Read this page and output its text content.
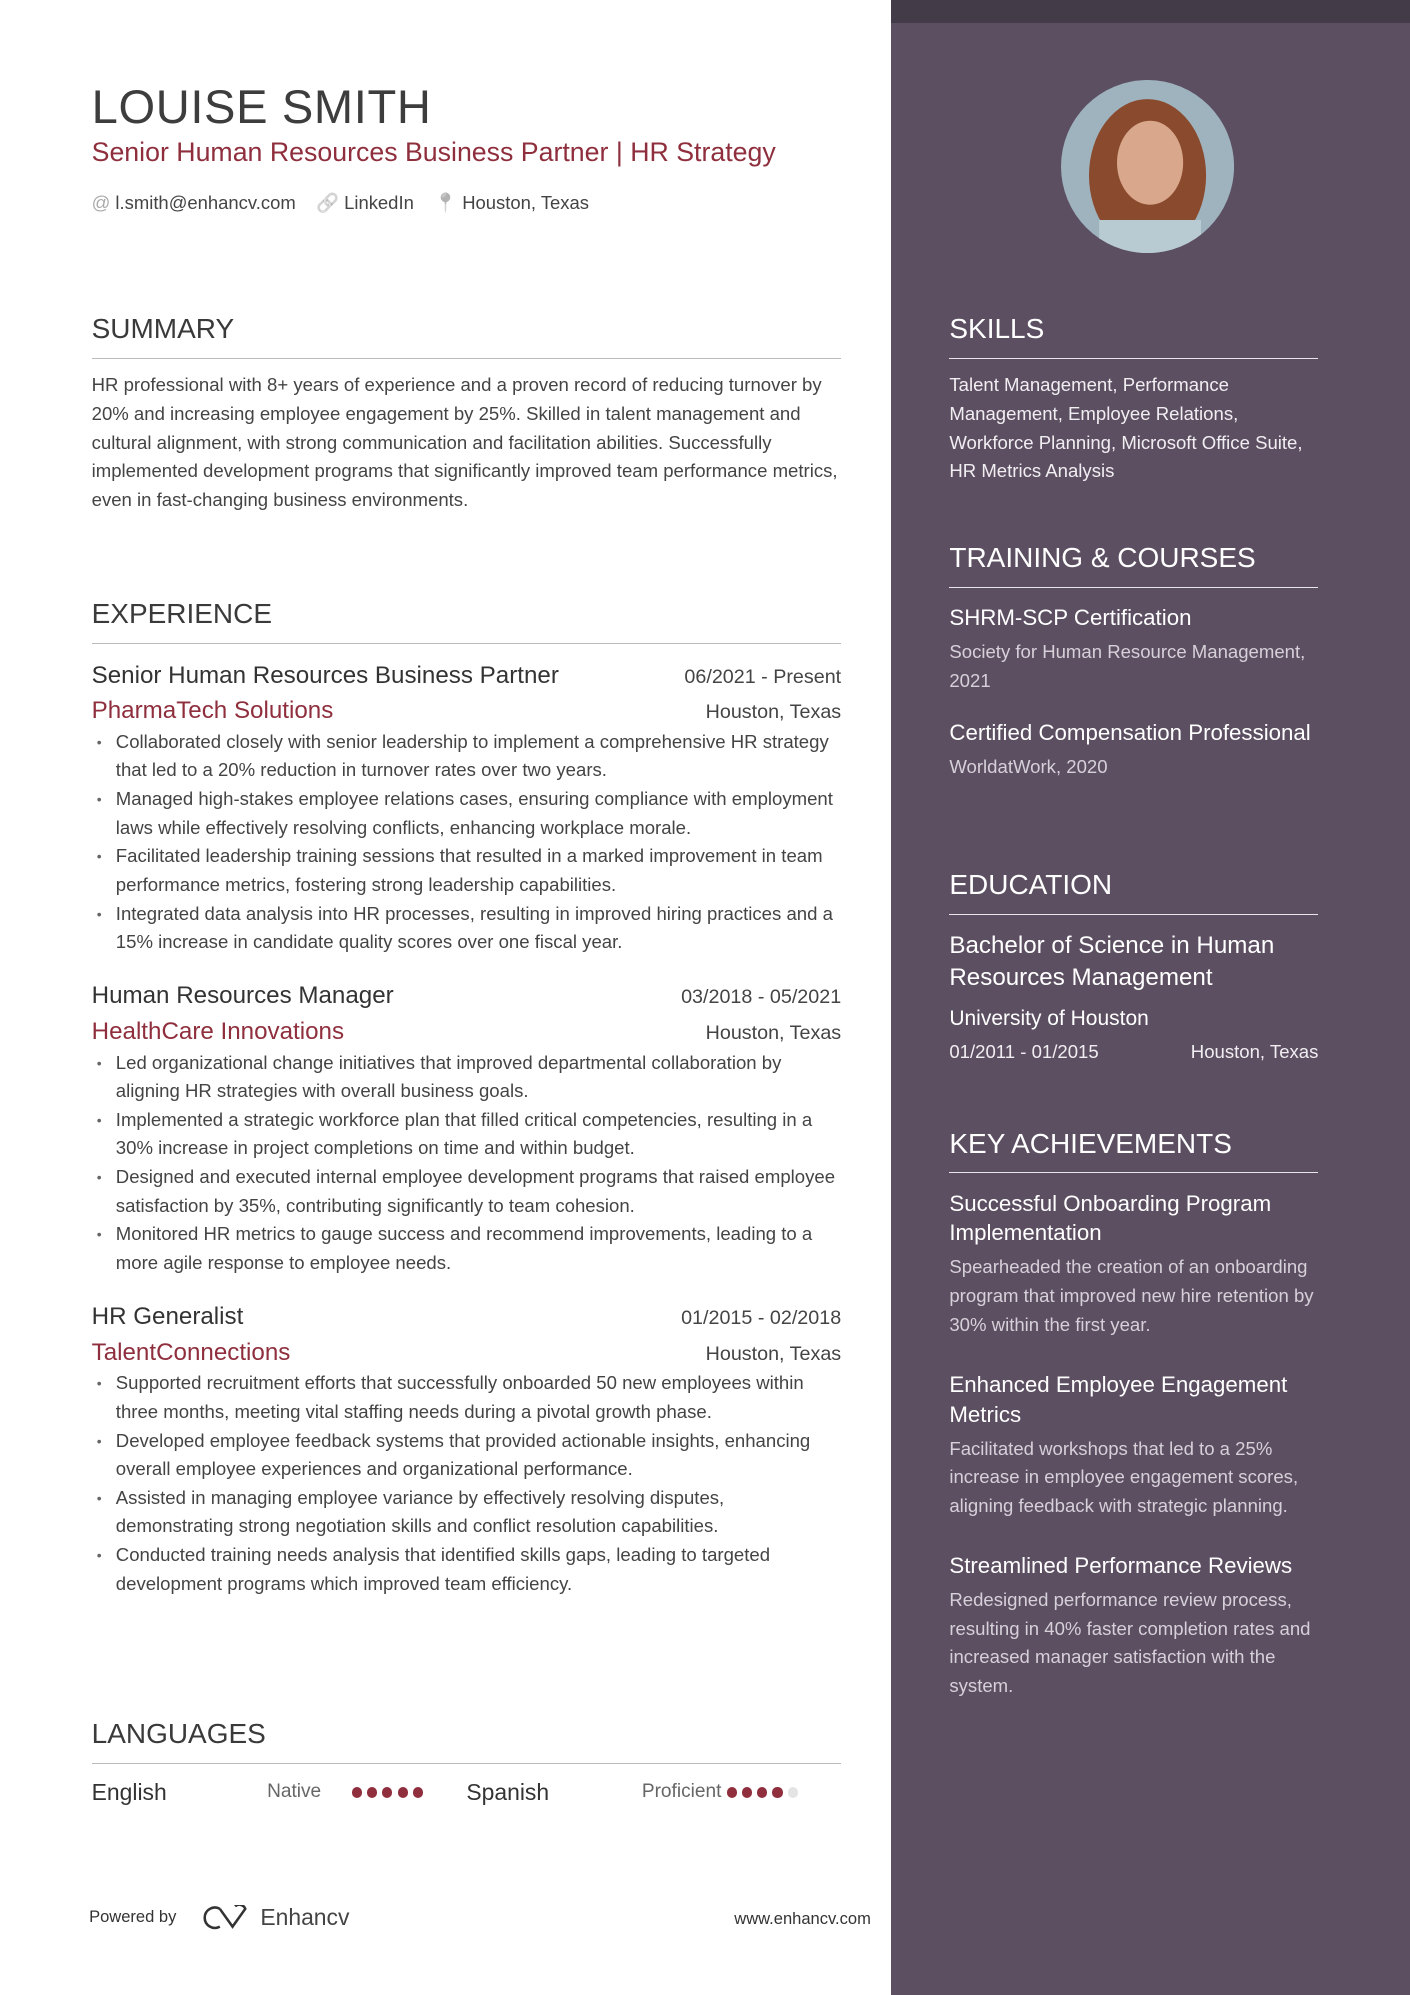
LOUISE SMITH
Senior Human Resources Business Partner | HR Strategy
@ l.smith@enhancv.com 🔗 LinkedIn 📍 Houston, Texas
SUMMARY
HR professional with 8+ years of experience and a proven record of reducing turnover by 20% and increasing employee engagement by 25%. Skilled in talent management and cultural alignment, with strong communication and facilitation abilities. Successfully implemented development programs that significantly improved team performance metrics, even in fast-changing business environments.
EXPERIENCE
Senior Human Resources Business Partner	06/2021 - Present
PharmaTech Solutions	Houston, Texas
• Collaborated closely with senior leadership to implement a comprehensive HR strategy that led to a 20% reduction in turnover rates over two years.
• Managed high-stakes employee relations cases, ensuring compliance with employment laws while effectively resolving conflicts, enhancing workplace morale.
• Facilitated leadership training sessions that resulted in a marked improvement in team performance metrics, fostering strong leadership capabilities.
• Integrated data analysis into HR processes, resulting in improved hiring practices and a 15% increase in candidate quality scores over one fiscal year.
Human Resources Manager	03/2018 - 05/2021
HealthCare Innovations	Houston, Texas
• Led organizational change initiatives that improved departmental collaboration by aligning HR strategies with overall business goals.
• Implemented a strategic workforce plan that filled critical competencies, resulting in a 30% increase in project completions on time and within budget.
• Designed and executed internal employee development programs that raised employee satisfaction by 35%, contributing significantly to team cohesion.
• Monitored HR metrics to gauge success and recommend improvements, leading to a more agile response to employee needs.
HR Generalist	01/2015 - 02/2018
TalentConnections	Houston, Texas
• Supported recruitment efforts that successfully onboarded 50 new employees within three months, meeting vital staffing needs during a pivotal growth phase.
• Developed employee feedback systems that provided actionable insights, enhancing overall employee experiences and organizational performance.
• Assisted in managing employee variance by effectively resolving disputes, demonstrating strong negotiation skills and conflict resolution capabilities.
• Conducted training needs analysis that identified skills gaps, leading to targeted development programs which improved team efficiency.
LANGUAGES
English	Native	Spanish	Proficient
Powered by	Enhancv	www.enhancv.com
SKILLS
Talent Management, Performance Management, Employee Relations, Workforce Planning, Microsoft Office Suite, HR Metrics Analysis
TRAINING & COURSES
SHRM-SCP Certification
Society for Human Resource Management, 2021
Certified Compensation Professional
WorldatWork, 2020
EDUCATION
Bachelor of Science in Human Resources Management
University of Houston
01/2011 - 01/2015	Houston, Texas
KEY ACHIEVEMENTS
Successful Onboarding Program Implementation
Spearheaded the creation of an onboarding program that improved new hire retention by 30% within the first year.
Enhanced Employee Engagement Metrics
Facilitated workshops that led to a 25% increase in employee engagement scores, aligning feedback with strategic planning.
Streamlined Performance Reviews
Redesigned performance review process, resulting in 40% faster completion rates and increased manager satisfaction with the system.
